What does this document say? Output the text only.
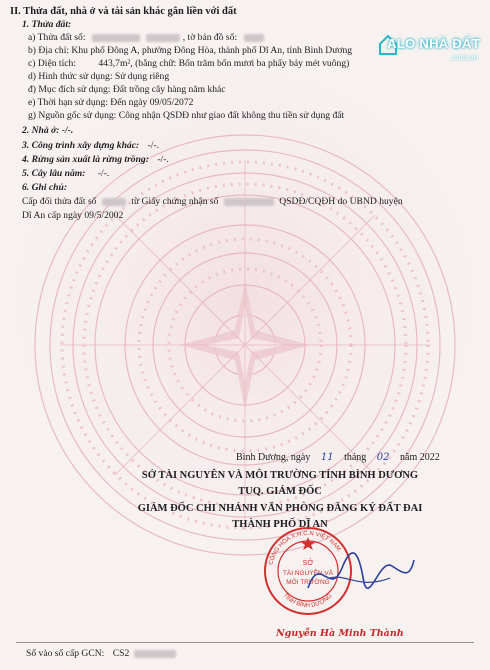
ALO NHÀ ĐẤT
.com.vn
II. Thửa đất, nhà ở và tài sản khác gắn liền với đất
1. Thửa đất:
a) Thửa đất số:	, tờ bản đồ số:
b) Địa chỉ: Khu phố Đông A, phường Đông Hòa, thành phố Dĩ An, tỉnh Bình Dương
c) Diện tích: 443,7m², (bằng chữ: Bốn trăm bốn mươi ba phẩy bảy mét vuông)
d) Hình thức sử dụng: Sử dụng riêng
đ) Mục đích sử dụng: Đất trồng cây hàng năm khác
e) Thời hạn sử dụng: Đến ngày 09/05/2072
g) Nguồn gốc sử dụng: Công nhận QSDĐ như giao đất không thu tiền sử dụng đất
2. Nhà ở: -/-.
3. Công trình xây dựng khác: -/-.
4. Rừng sản xuất là rừng trồng: -/-.
5. Cây lâu năm: -/-.
6. Ghi chú:
Cấp đổi thửa đất số	từ Giấy chứng nhận số	QSDĐ/CQĐH do UBND huyện
Dĩ An cấp ngày 09/5/2002
Bình Dương, ngày 11 tháng 02 năm 2022
SỞ TÀI NGUYÊN VÀ MÔI TRƯỜNG TỈNH BÌNH DƯƠNG
TUQ. GIÁM ĐỐC
GIÁM ĐỐC CHI NHÁNH VĂN PHÒNG ĐĂNG KÝ ĐẤT ĐAI
THÀNH PHỐ DĨ AN
CỘNG HÒA X.H.C.N VIỆT NAM
TỈNH BÌNH DƯƠNG
SỞ
TÀI NGUYÊN VÀ
MÔI TRƯỜNG
Nguyễn Hà Minh Thành
Số vào sổ cấp GCN: CS2
